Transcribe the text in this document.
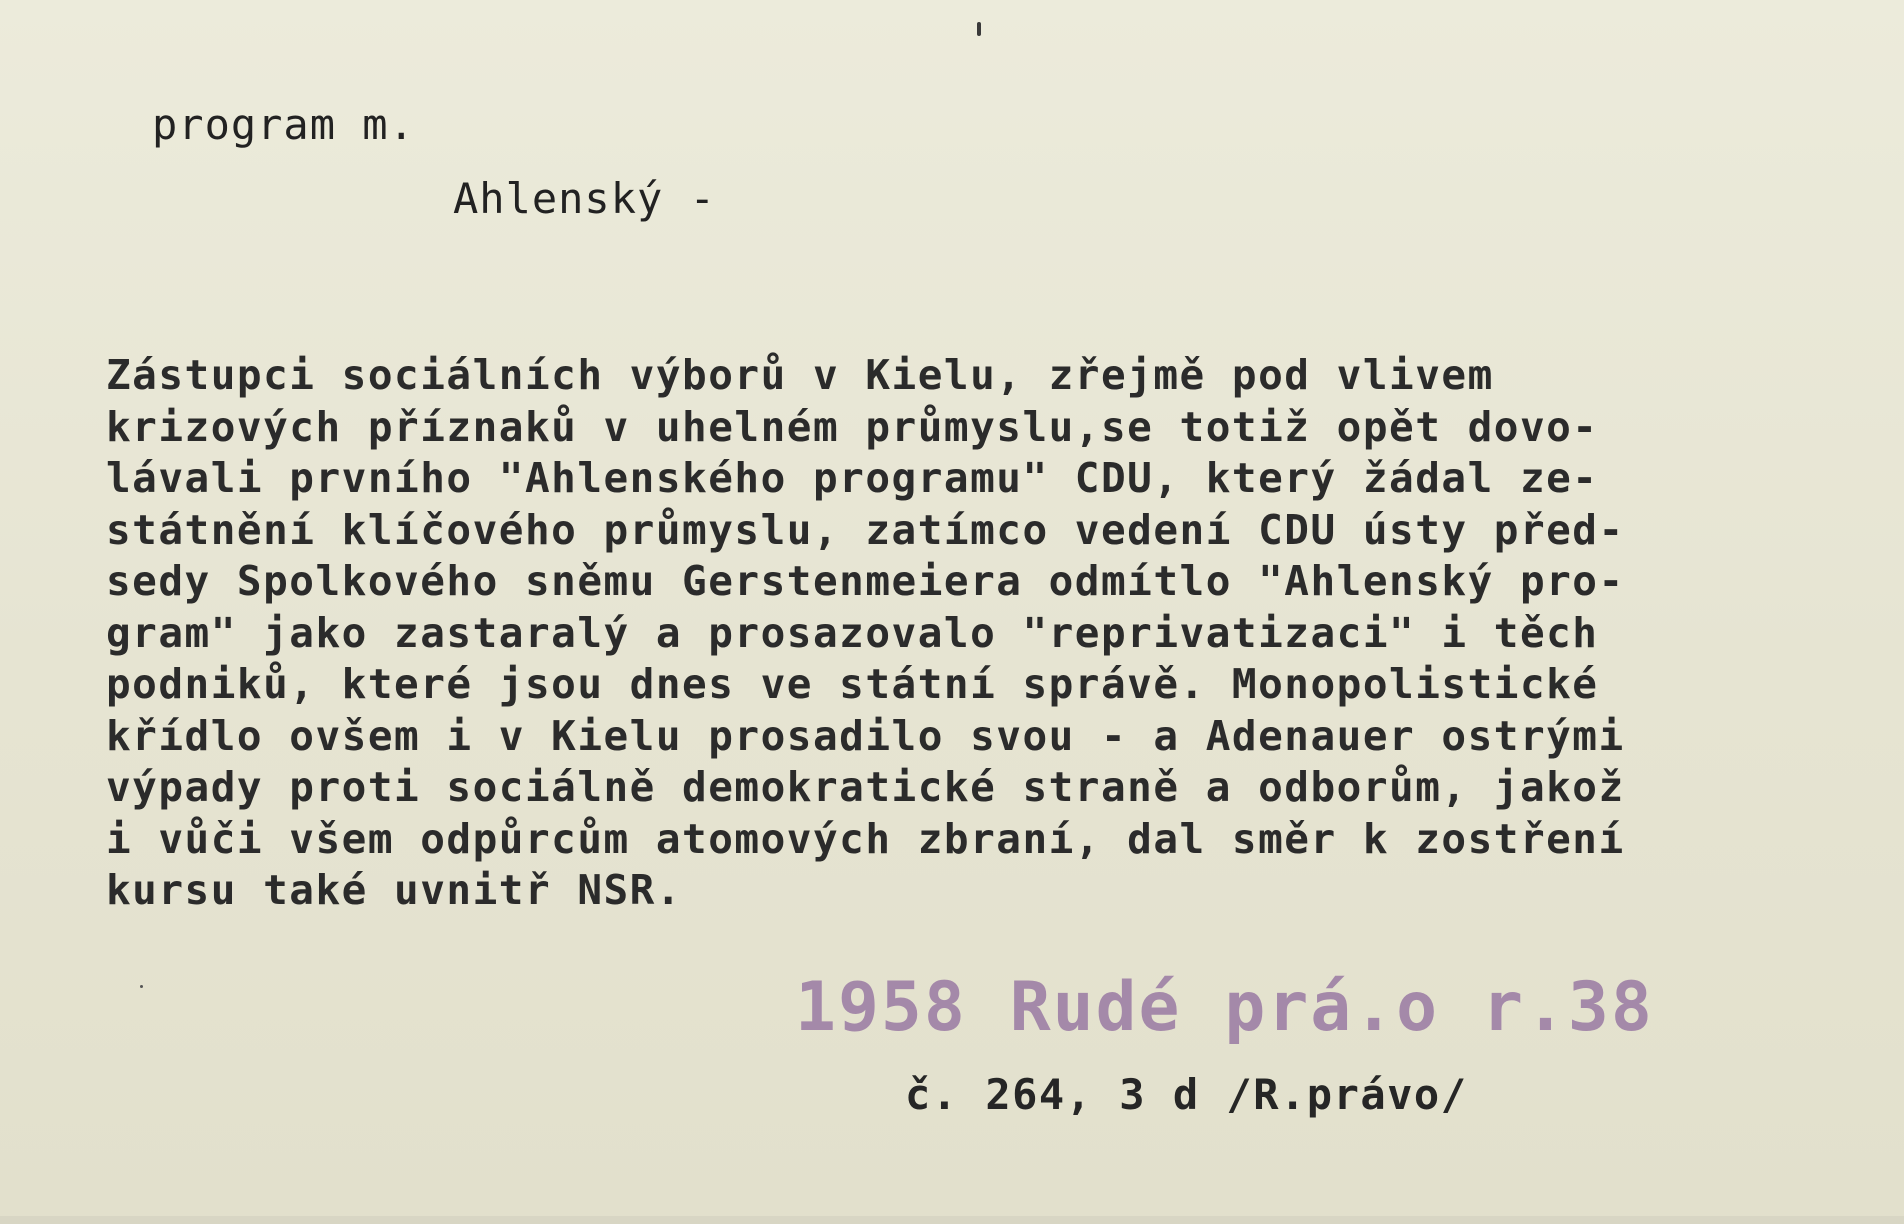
program m.
Ahlenský -
Zástupci sociálních výborů v Kielu, zřejmě pod vlivem
krizových příznaků v uhelném průmyslu,se totiž opět dovo-
lávali prvního "Ahlenského programu" CDU, který žádal ze-
státnění klíčového průmyslu, zatímco vedení CDU ústy před-
sedy Spolkového sněmu Gerstenmeiera odmítlo "Ahlenský pro-
gram" jako zastaralý a prosazovalo "reprivatizaci" i těch
podniků, které jsou dnes ve státní správě. Monopolistické
křídlo ovšem i v Kielu prosadilo svou - a Adenauer ostrými
výpady proti sociálně demokratické straně a odborům, jakož
i vůči všem odpůrcům atomových zbraní, dal směr k zostření
kursu také uvnitř NSR.
1958 Rudé prá.o r.38
č. 264, 3 d /R.právo/
